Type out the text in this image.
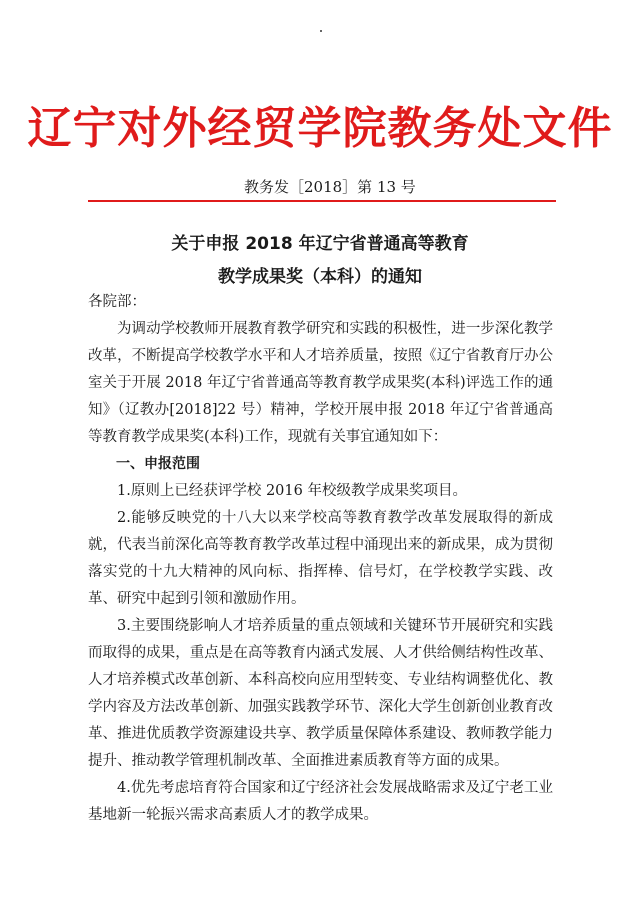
辽宁对外经贸学院教务处文件
教务发［2018］第 13 号
关于申报 2018 年辽宁省普通高等教育
教学成果奖（本科）的通知

各院部：

为调动学校教师开展教育教学研究和实践的积极性，进一步深化教学改革，不断提高学校教学水平和人才培养质量，按照《辽宁省教育厅办公室关于开展 2018 年辽宁省普通高等教育教学成果奖(本科)评选工作的通知》（辽教办[2018]22 号）精神，学校开展申报 2018 年辽宁省普通高等教育教学成果奖(本科)工作，现就有关事宜通知如下：

一、申报范围

1.原则上已经获评学校 2016 年校级教学成果奖项目。

2.能够反映党的十八大以来学校高等教育教学改革发展取得的新成就，代表当前深化高等教育教学改革过程中涌现出来的新成果，成为贯彻落实党的十九大精神的风向标、指挥棒、信号灯，在学校教学实践、改革、研究中起到引领和激励作用。

3.主要围绕影响人才培养质量的重点领域和关键环节开展研究和实践而取得的成果，重点是在高等教育内涵式发展、人才供给侧结构性改革、人才培养模式改革创新、本科高校向应用型转变、专业结构调整优化、教学内容及方法改革创新、加强实践教学环节、深化大学生创新创业教育改革、推进优质教学资源建设共享、教学质量保障体系建设、教师教学能力提升、推动教学管理机制改革、全面推进素质教育等方面的成果。

4.优先考虑培育符合国家和辽宁经济社会发展战略需求及辽宁老工业基地新一轮振兴需求高素质人才的教学成果。
